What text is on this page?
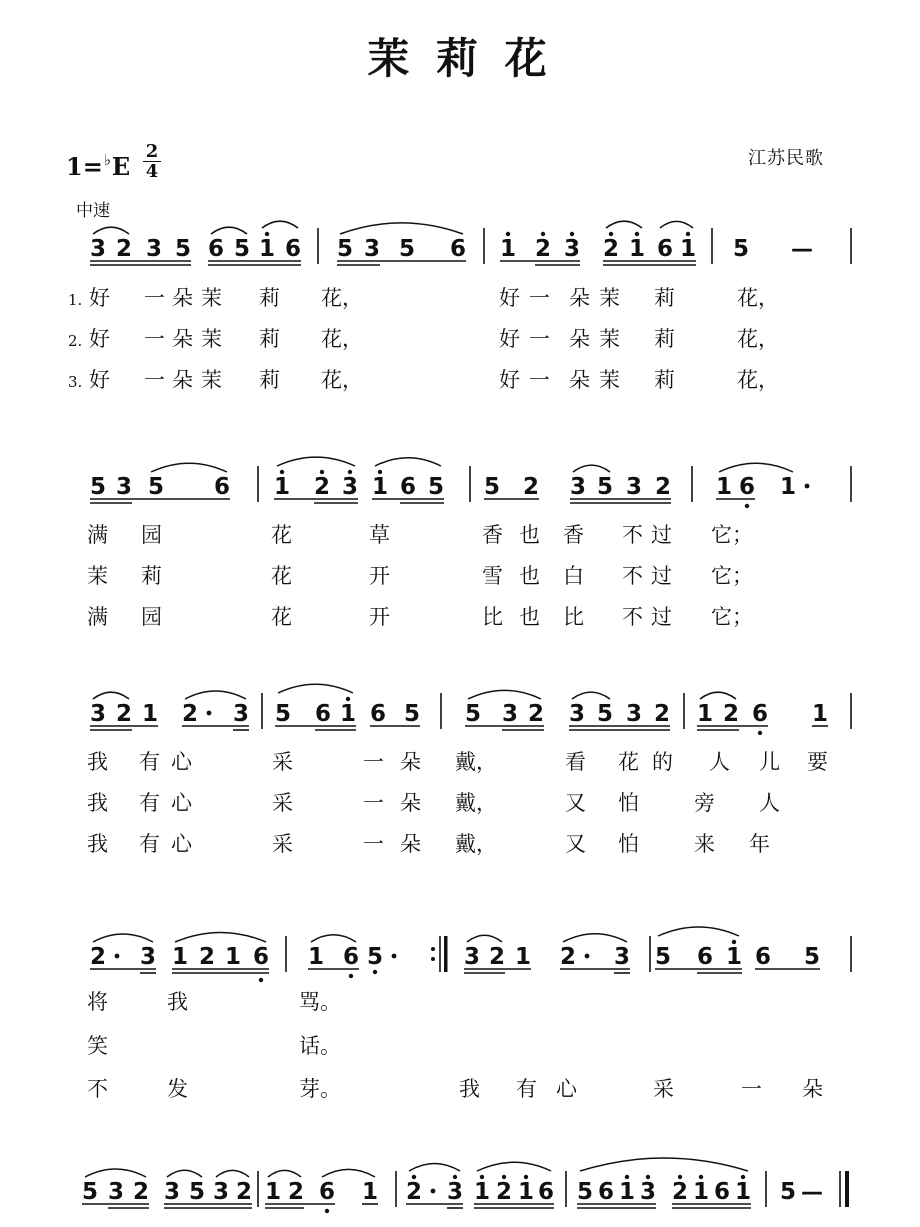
茉 莉 花
$1=^♭E \frac{2}{4}$
中速
江苏民歌
3 2 3 5 6 5 1 6 5 3 5 6 1 2 3 2 1 6 1 5 —
1. 好 一 朵 茉 莉 花，	好 一 朵 茉 莉	花，
2. 好 一 朵 茉 莉 花，	好 一 朵 茉 莉	花，
3. 好 一 朵 茉 莉 花，	好 一 朵 茉 莉	花，
5 3 5 6 1 2 3 1 6 5 5 2 3 5 3 2 1 6 1
满 园	花	草	香 也 香 不 过 它；
茉 莉	花	开	雪 也 白 不 过 它；
满 园	花	开	比 也 比 不 过 它；
3 2 1 2 3 5 6 1 6 5 5 3 2 3 5 3 2 1 2 6 1
我 有 心	采	一 朵 戴，	看 花 的 人 儿 要
我 有 心	采	一 朵 戴，	又 怕	旁 人
我 有 心	采	一 朵 戴，	又 怕	来 年
2 3 1 2 1 6 1 6 5	3 2 1 2 3 5 6 1 6 5
将	我	骂。
笑	话。
不	发	芽。	我 有 心	采	一 朵
5 3 2 3 5 3 2 1 2 6 1 2 3 1 2 1 6 5 6 1 3 2 1 6 1 5 —
